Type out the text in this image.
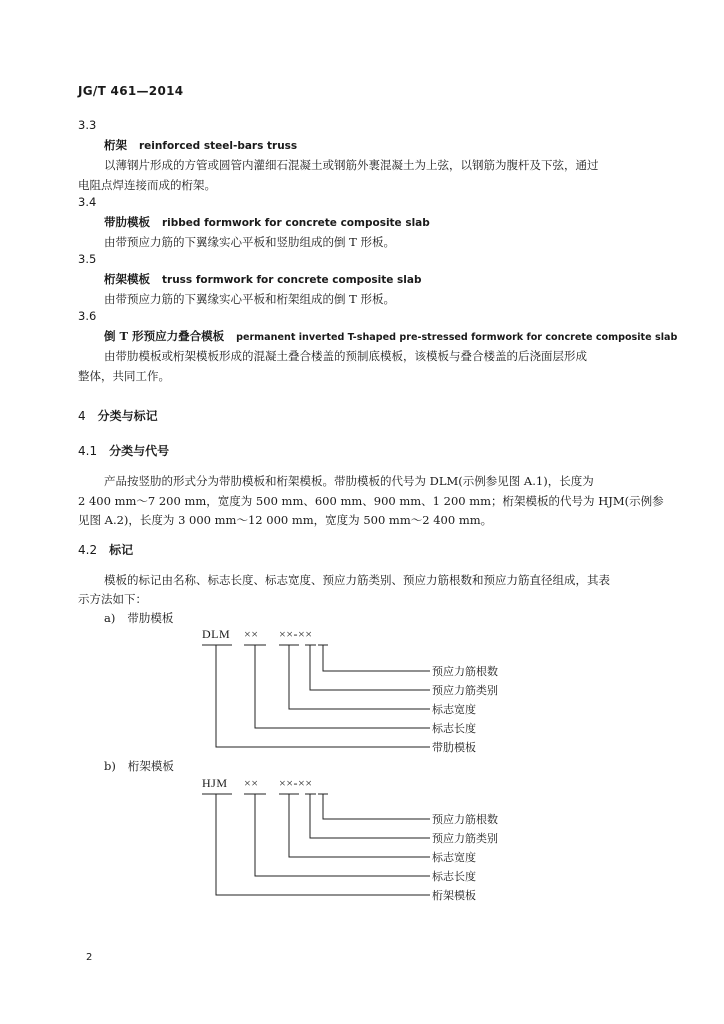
JG/T 461—2014
3.3
桁架 reinforced steel-bars truss
以薄钢片形成的方管或圆管内灌细石混凝土或钢筋外裹混凝土为上弦，以钢筋为腹杆及下弦，通过
电阻点焊连接而成的桁架。
3.4
带肋模板 ribbed formwork for concrete composite slab
由带预应力筋的下翼缘实心平板和竖肋组成的倒 T 形板。
3.5
桁架模板 truss formwork for concrete composite slab
由带预应力筋的下翼缘实心平板和桁架组成的倒 T 形板。
3.6
倒 T 形预应力叠合模板 permanent inverted T-shaped pre-stressed formwork for concrete composite slab
由带肋模板或桁架模板形成的混凝土叠合楼盖的预制底模板，该模板与叠合楼盖的后浇面层形成
整体，共同工作。
4 分类与标记
4.1 分类与代号
产品按竖肋的形式分为带肋模板和桁架模板。带肋模板的代号为 DLM(示例参见图 A.1)，长度为
2 400 mm～7 200 mm，宽度为 500 mm、600 mm、900 mm、1 200 mm；桁架模板的代号为 HJM(示例参
见图 A.2)，长度为 3 000 mm～12 000 mm，宽度为 500 mm～2 400 mm。
4.2 标记
模板的标记由名称、标志长度、标志宽度、预应力筋类别、预应力筋根数和预应力筋直径组成，其表
示方法如下：
a) 带肋模板
DLM ×× ××-××
预应力筋根数
预应力筋类别
标志宽度
标志长度
带肋模板
b) 桁架模板
HJM ×× ××-××
预应力筋根数
预应力筋类别
标志宽度
标志长度
桁架模板
2
